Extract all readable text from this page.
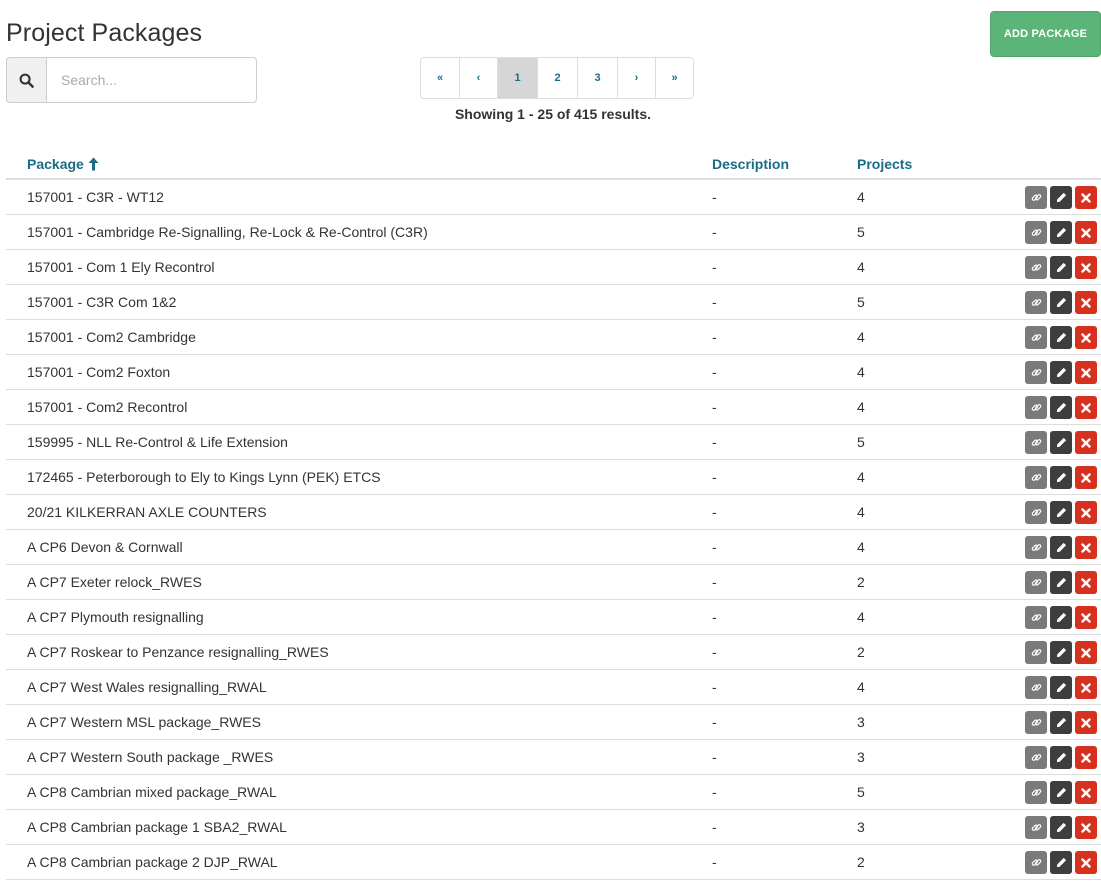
Project Packages	ADD PACKAGE
Search...
«	‹	1	2	3	›	»
Showing 1 - 25 of 415 results.
Package	Description	Projects
157001 - C3R - WT12	-	4
157001 - Cambridge Re-Signalling, Re-Lock & Re-Control (C3R)	-	5
157001 - Com 1 Ely Recontrol	-	4
157001 - C3R Com 1&2	-	5
157001 - Com2 Cambridge	-	4
157001 - Com2 Foxton	-	4
157001 - Com2 Recontrol	-	4
159995 - NLL Re-Control & Life Extension	-	5
172465 - Peterborough to Ely to Kings Lynn (PEK) ETCS	-	4
20/21 KILKERRAN AXLE COUNTERS	-	4
A CP6 Devon & Cornwall	-	4
A CP7 Exeter relock_RWES	-	2
A CP7 Plymouth resignalling	-	4
A CP7 Roskear to Penzance resignalling_RWES	-	2
A CP7 West Wales resignalling_RWAL	-	4
A CP7 Western MSL package_RWES	-	3
A CP7 Western South package _RWES	-	3
A CP8 Cambrian mixed package_RWAL	-	5
A CP8 Cambrian package 1 SBA2_RWAL	-	3
A CP8 Cambrian package 2 DJP_RWAL	-	2
